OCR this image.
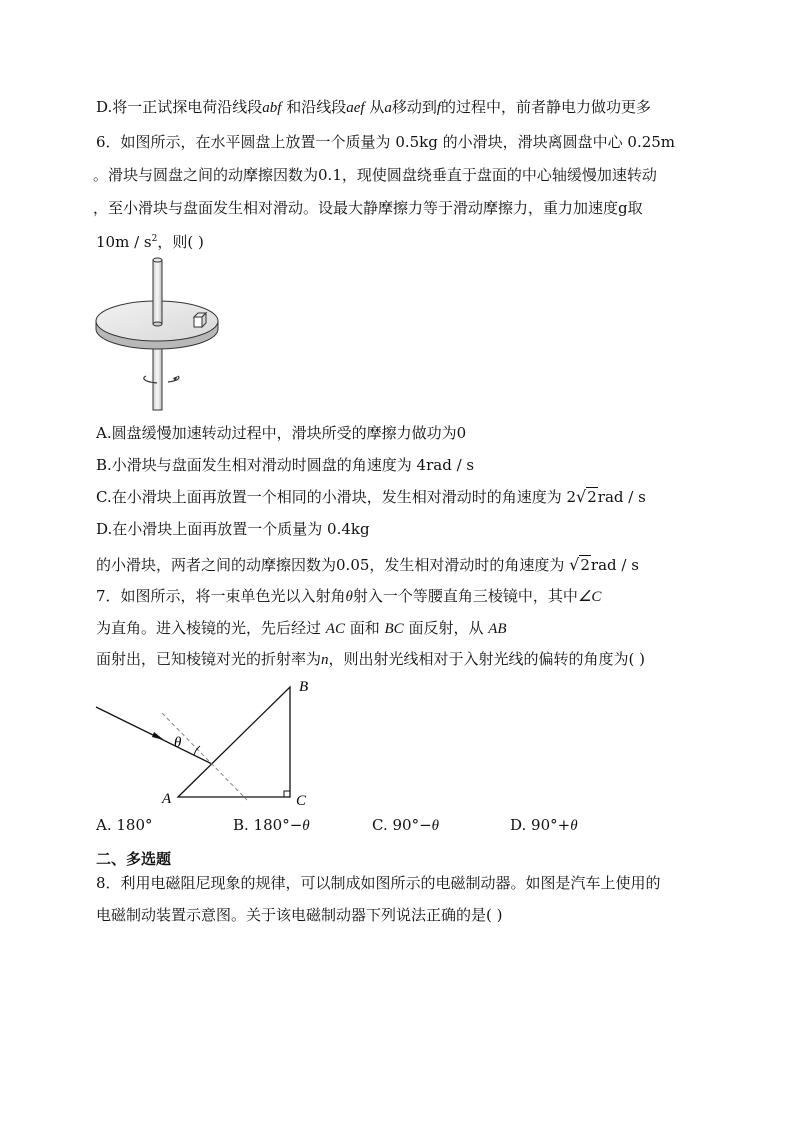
D.将一正试探电荷沿线段abf 和沿线段aef 从a移动到f的过程中，前者静电力做功更多
6．如图所示，在水平圆盘上放置一个质量为 0.5kg 的小滑块，滑块离圆盘中心 0.25m
。滑块与圆盘之间的动摩擦因数为0.1，现使圆盘绕垂直于盘面的中心轴缓慢加速转动
，至小滑块与盘面发生相对滑动。设最大静摩擦力等于滑动摩擦力，重力加速度g取
$10m / s^2$，则( )
A.圆盘缓慢加速转动过程中，滑块所受的摩擦力做功为0
B.小滑块与盘面发生相对滑动时圆盘的角速度为 4rad / s
C.在小滑块上面再放置一个相同的小滑块，发生相对滑动时的角速度为 2√2rad / s
D.在小滑块上面再放置一个质量为 0.4kg
的小滑块，两者之间的动摩擦因数为0.05，发生相对滑动时的角速度为 √2rad / s
7．如图所示，将一束单色光以入射角θ射入一个等腰直角三棱镜中，其中∠C
为直角。进入棱镜的光，先后经过 AC 面和 BC 面反射，从 AB
面射出，已知棱镜对光的折射率为n，则出射光线相对于入射光线的偏转的角度为( )
θ
A
B
C
A. 180°	B. 180°−θ	C. 90°−θ	D. 90°+θ
二、多选题
8．利用电磁阻尼现象的规律，可以制成如图所示的电磁制动器。如图是汽车上使用的
电磁制动装置示意图。关于该电磁制动器下列说法正确的是( )
